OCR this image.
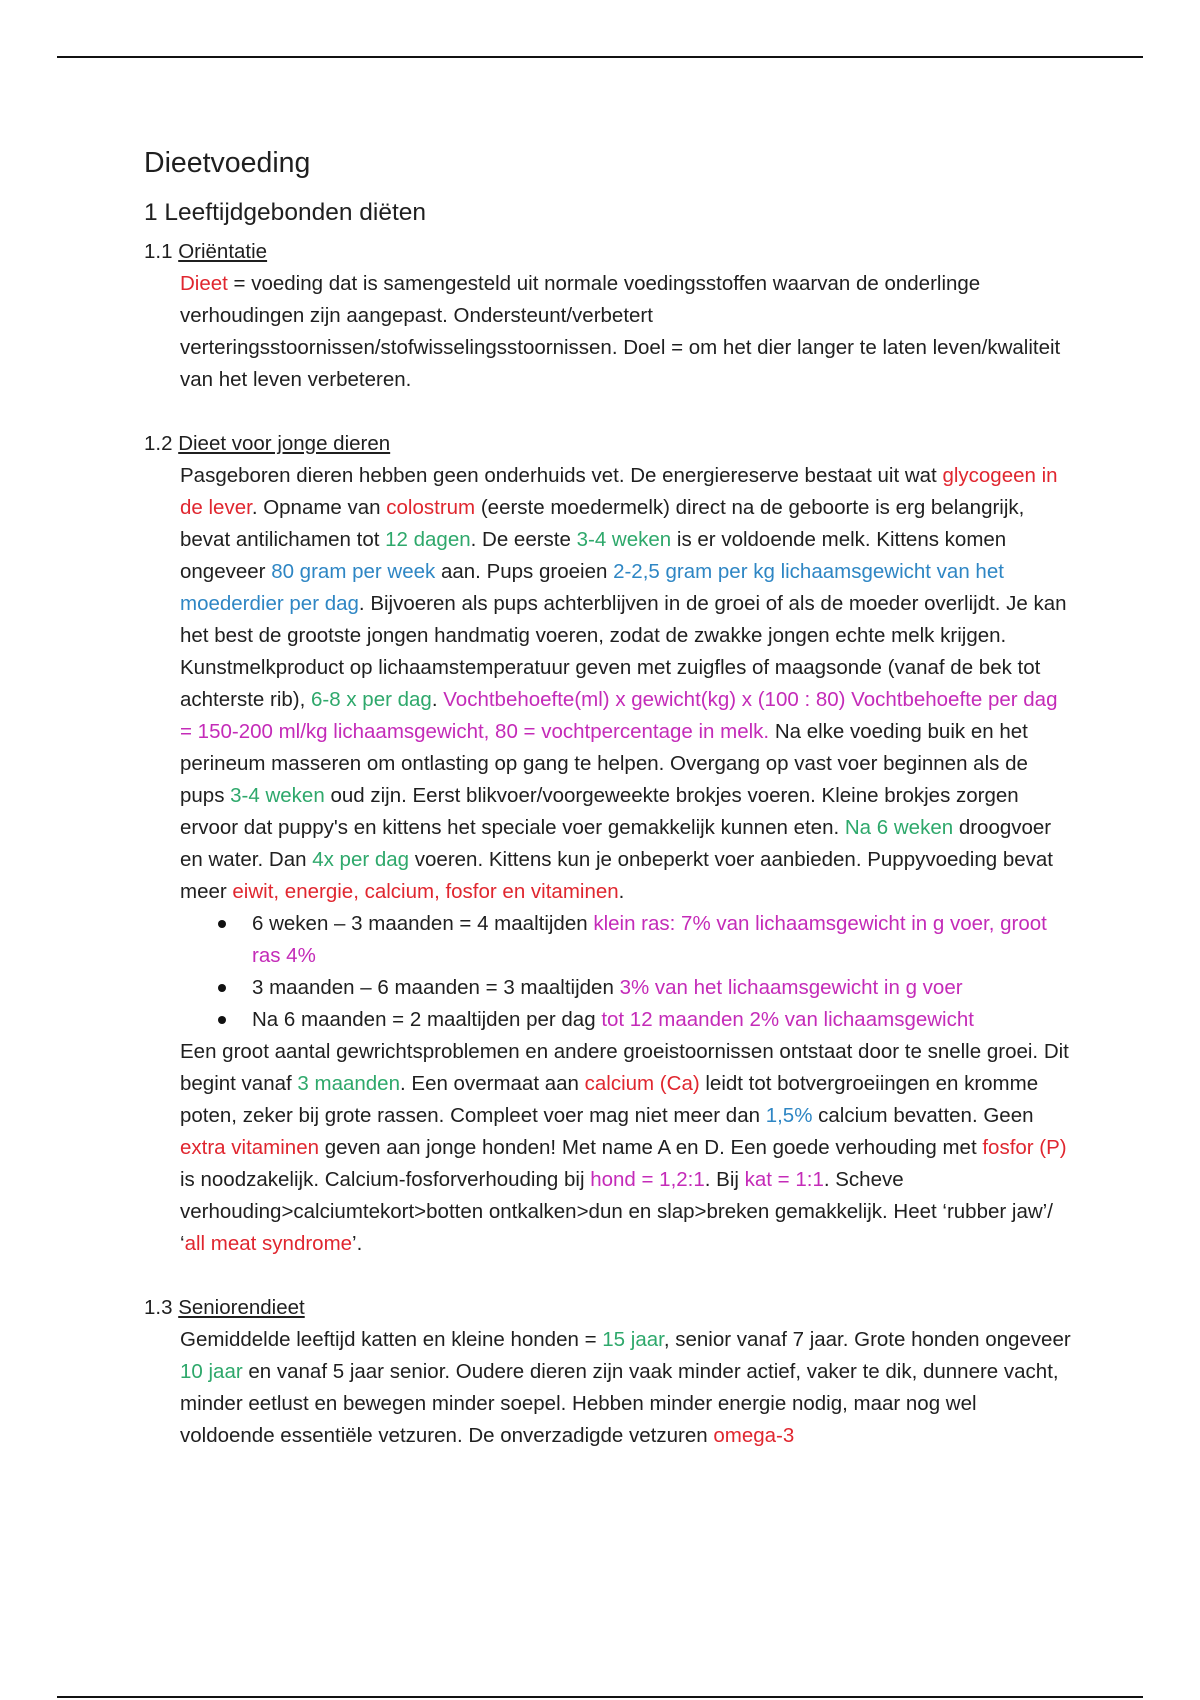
Dieetvoeding
1 Leeftijdgebonden diëten
1.1 Oriëntatie
Dieet = voeding dat is samengesteld uit normale voedingsstoffen waarvan de onderlinge verhoudingen zijn aangepast. Ondersteunt/verbetert verteringsstoornissen/stofwisselingsstoornissen. Doel = om het dier langer te laten leven/kwaliteit van het leven verbeteren.
1.2 Dieet voor jonge dieren
Pasgeboren dieren hebben geen onderhuids vet. De energiereserve bestaat uit wat glycogeen in de lever. Opname van colostrum (eerste moedermelk) direct na de geboorte is erg belangrijk, bevat antilichamen tot 12 dagen. De eerste 3-4 weken is er voldoende melk. Kittens komen ongeveer 80 gram per week aan. Pups groeien 2-2,5 gram per kg lichaamsgewicht van het moederdier per dag. Bijvoeren als pups achterblijven in de groei of als de moeder overlijdt. Je kan het best de grootste jongen handmatig voeren, zodat de zwakke jongen echte melk krijgen. Kunstmelkproduct op lichaamstemperatuur geven met zuigfles of maagsonde (vanaf de bek tot achterste rib), 6-8 x per dag. Vochtbehoefte(ml) x gewicht(kg) x (100 : 80) Vochtbehoefte per dag = 150-200 ml/kg lichaamsgewicht, 80 = vochtpercentage in melk. Na elke voeding buik en het perineum masseren om ontlasting op gang te helpen. Overgang op vast voer beginnen als de pups 3-4 weken oud zijn. Eerst blikvoer/voorgeweekte brokjes voeren. Kleine brokjes zorgen ervoor dat puppy's en kittens het speciale voer gemakkelijk kunnen eten. Na 6 weken droogvoer en water. Dan 4x per dag voeren. Kittens kun je onbeperkt voer aanbieden. Puppyvoeding bevat meer eiwit, energie, calcium, fosfor en vitaminen.
6 weken – 3 maanden = 4 maaltijden klein ras: 7% van lichaamsgewicht in g voer, groot ras 4%
3 maanden – 6 maanden = 3 maaltijden 3% van het lichaamsgewicht in g voer
Na 6 maanden = 2 maaltijden per dag tot 12 maanden 2% van lichaamsgewicht
Een groot aantal gewrichtsproblemen en andere groeistoornissen ontstaat door te snelle groei. Dit begint vanaf 3 maanden. Een overmaat aan calcium (Ca) leidt tot botvergroeiingen en kromme poten, zeker bij grote rassen. Compleet voer mag niet meer dan 1,5% calcium bevatten. Geen extra vitaminen geven aan jonge honden! Met name A en D. Een goede verhouding met fosfor (P) is noodzakelijk. Calcium-fosforverhouding bij hond = 1,2:1. Bij kat = 1:1. Scheve verhouding>calciumtekort>botten ontkalken>dun en slap>breken gemakkelijk. Heet ‘rubber jaw’/ ‘all meat syndrome’.
1.3 Seniorendieet
Gemiddelde leeftijd katten en kleine honden = 15 jaar, senior vanaf 7 jaar. Grote honden ongeveer 10 jaar en vanaf 5 jaar senior. Oudere dieren zijn vaak minder actief, vaker te dik, dunnere vacht, minder eetlust en bewegen minder soepel. Hebben minder energie nodig, maar nog wel voldoende essentiële vetzuren. De onverzadigde vetzuren omega-3
